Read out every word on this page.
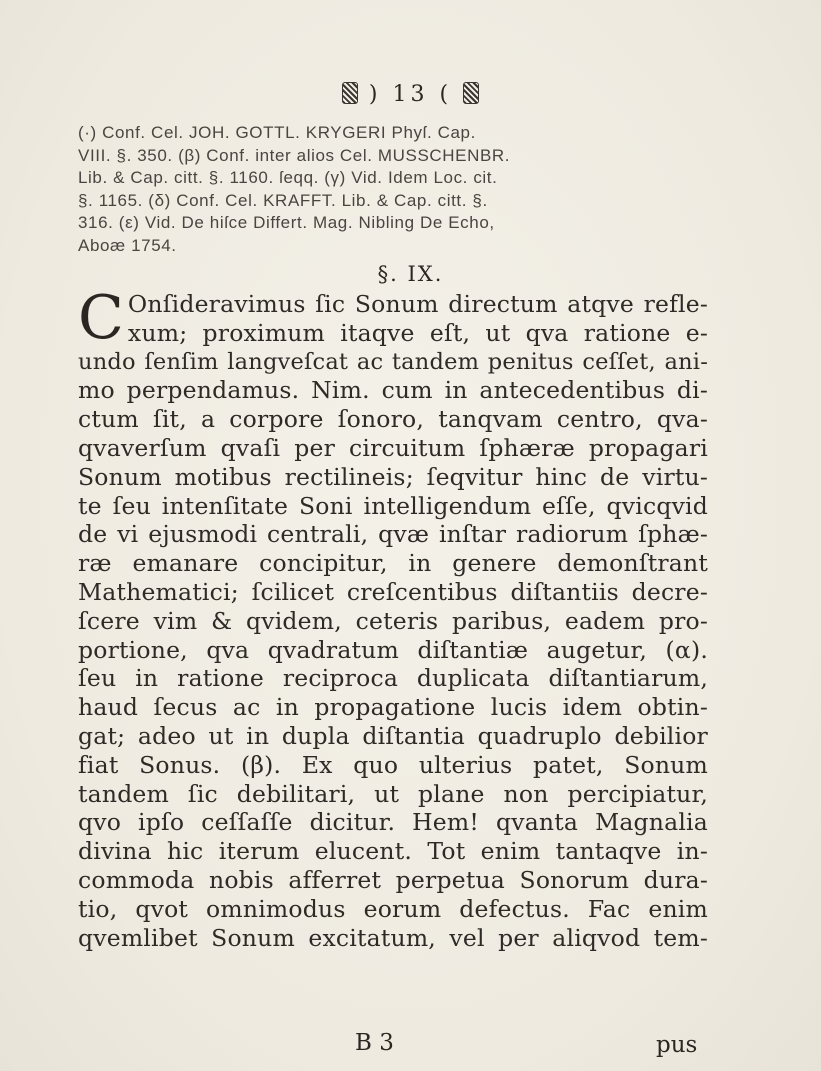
) 13 (
(·) Conf. Cel. JOH. GOTTL. KRYGERI Phyſ. Cap.
VIII. §. 350. (β) Conf. inter alios Cel. MUSSCHENBR.
Lib. & Cap. citt. §. 1160. ſeqq. (γ) Vid. Idem Loc. cit.
§. 1165. (δ) Conf. Cel. KRAFFT. Lib. & Cap. citt. §.
316. (ε) Vid. De hiſce Differt. Mag. Nibling De Echo,
Aboæ 1754.
§. IX.
C Onſideravimus ſic Sonum directum atqve refle-
xum; proximum itaqve eſt, ut qva ratione e-
undo ſenſim langveſcat ac tandem penitus ceſſet, ani-
mo perpendamus. Nim. cum in antecedentibus di-
ctum ſit, a corpore ſonoro, tanqvam centro, qva-
qvaverſum qvaſi per circuitum ſphæræ propagari
Sonum motibus rectilineis; ſeqvitur hinc de virtu-
te ſeu intenſitate Soni intelligendum eſſe, qvicqvid
de vi ejusmodi centrali, qvæ inſtar radiorum ſphæ-
ræ emanare concipitur, in genere demonſtrant
Mathematici; ſcilicet creſcentibus diſtantiis decre-
ſcere vim & qvidem, ceteris paribus, eadem pro-
portione, qva qvadratum diſtantiæ augetur, (α).
ſeu in ratione reciproca duplicata diſtantiarum,
haud ſecus ac in propagatione lucis idem obtin-
gat; adeo ut in dupla diſtantia quadruplo debilior
fiat Sonus. (β). Ex quo ulterius patet, Sonum
tandem ſic debilitari, ut plane non percipiatur,
qvo ipſo ceſſaſſe dicitur. Hem! qvanta Magnalia
divina hic iterum elucent. Tot enim tantaqve in-
commoda nobis afferret perpetua Sonorum dura-
tio, qvot omnimodus eorum defectus. Fac enim
qvemlibet Sonum excitatum, vel per aliqvod tem-
B 3	pus
